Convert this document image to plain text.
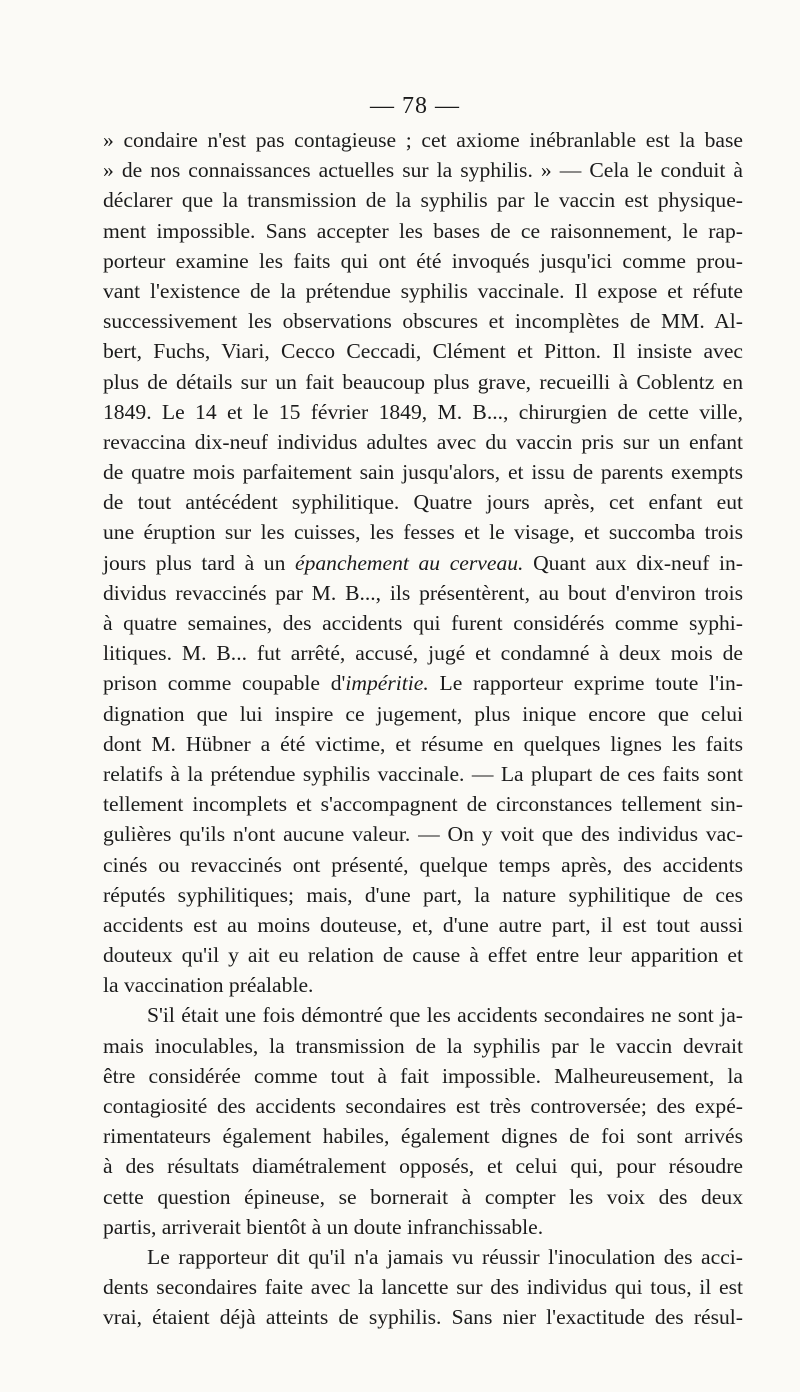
— 78 —
» condaire n'est pas contagieuse ; cet axiome inébranlable est la base
» de nos connaissances actuelles sur la syphilis. » — Cela le conduit à
déclarer que la transmission de la syphilis par le vaccin est physique-
ment impossible. Sans accepter les bases de ce raisonnement, le rap-
porteur examine les faits qui ont été invoqués jusqu'ici comme prou-
vant l'existence de la prétendue syphilis vaccinale. Il expose et réfute
successivement les observations obscures et incomplètes de MM. Al-
bert, Fuchs, Viari, Cecco Ceccadi, Clément et Pitton. Il insiste avec
plus de détails sur un fait beaucoup plus grave, recueilli à Coblentz en
1849. Le 14 et le 15 février 1849, M. B..., chirurgien de cette ville,
revaccina dix-neuf individus adultes avec du vaccin pris sur un enfant
de quatre mois parfaitement sain jusqu'alors, et issu de parents exempts
de tout antécédent syphilitique. Quatre jours après, cet enfant eut
une éruption sur les cuisses, les fesses et le visage, et succomba trois
jours plus tard à un épanchement au cerveau. Quant aux dix-neuf in-
dividus revaccinés par M. B..., ils présentèrent, au bout d'environ trois
à quatre semaines, des accidents qui furent considérés comme syphi-
litiques. M. B... fut arrêté, accusé, jugé et condamné à deux mois de
prison comme coupable d'impéritie. Le rapporteur exprime toute l'in-
dignation que lui inspire ce jugement, plus inique encore que celui
dont M. Hübner a été victime, et résume en quelques lignes les faits
relatifs à la prétendue syphilis vaccinale. — La plupart de ces faits sont
tellement incomplets et s'accompagnent de circonstances tellement sin-
gulières qu'ils n'ont aucune valeur. — On y voit que des individus vac-
cinés ou revaccinés ont présenté, quelque temps après, des accidents
réputés syphilitiques; mais, d'une part, la nature syphilitique de ces
accidents est au moins douteuse, et, d'une autre part, il est tout aussi
douteux qu'il y ait eu relation de cause à effet entre leur apparition et
la vaccination préalable.
S'il était une fois démontré que les accidents secondaires ne sont ja-
mais inoculables, la transmission de la syphilis par le vaccin devrait
être considérée comme tout à fait impossible. Malheureusement, la
contagiosité des accidents secondaires est très controversée; des expé-
rimentateurs également habiles, également dignes de foi sont arrivés
à des résultats diamétralement opposés, et celui qui, pour résoudre
cette question épineuse, se bornerait à compter les voix des deux
partis, arriverait bientôt à un doute infranchissable.
Le rapporteur dit qu'il n'a jamais vu réussir l'inoculation des acci-
dents secondaires faite avec la lancette sur des individus qui tous, il est
vrai, étaient déjà atteints de syphilis. Sans nier l'exactitude des résul-
